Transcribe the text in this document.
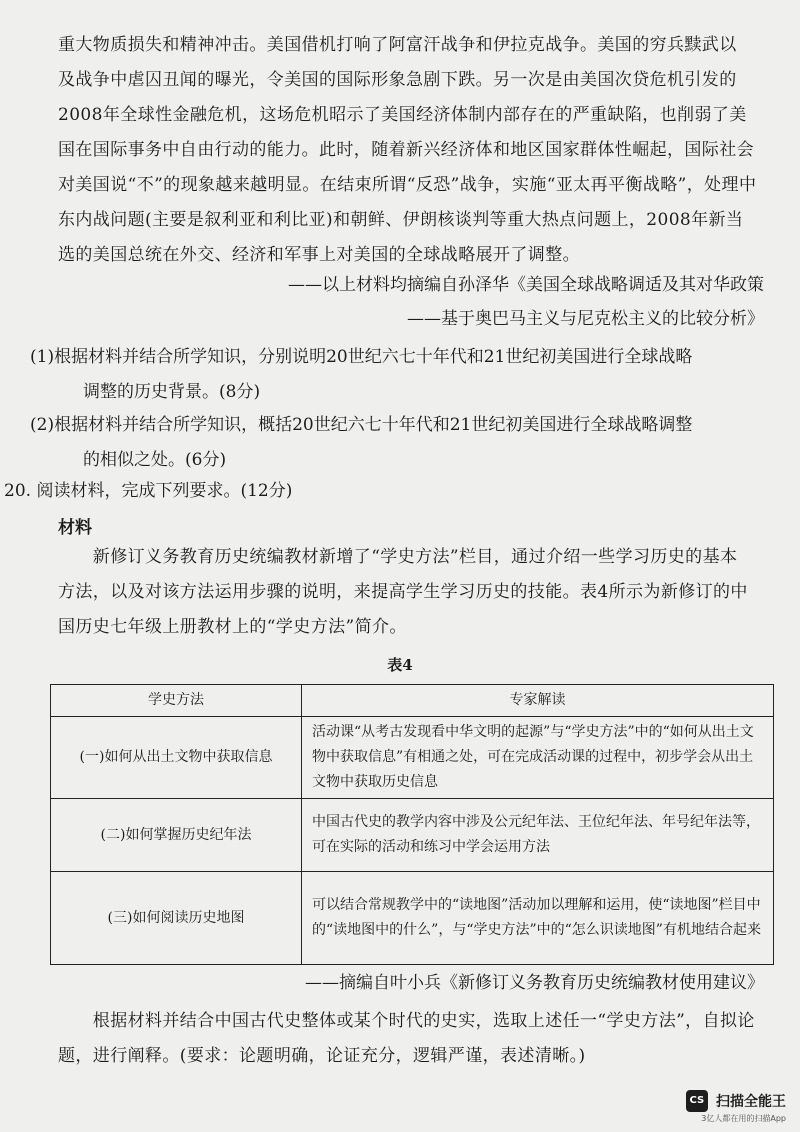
重大物质损失和精神冲击。美国借机打响了阿富汗战争和伊拉克战争。美国的穷兵黩武以
及战争中虐囚丑闻的曝光，令美国的国际形象急剧下跌。另一次是由美国次贷危机引发的
2008年全球性金融危机，这场危机昭示了美国经济体制内部存在的严重缺陷，也削弱了美
国在国际事务中自由行动的能力。此时，随着新兴经济体和地区国家群体性崛起，国际社会
对美国说“不”的现象越来越明显。在结束所谓“反恐”战争，实施“亚太再平衡战略”，处理中
东内战问题(主要是叙利亚和利比亚)和朝鲜、伊朗核谈判等重大热点问题上，2008年新当
选的美国总统在外交、经济和军事上对美国的全球战略展开了调整。

——以上材料均摘编自孙泽华《美国全球战略调适及其对华政策

——基于奥巴马主义与尼克松主义的比较分析》

(1)根据材料并结合所学知识，分别说明20世纪六七十年代和21世纪初美国进行全球战略
调整的历史背景。(8分)
(2)根据材料并结合所学知识，概括20世纪六七十年代和21世纪初美国进行全球战略调整
的相似之处。(6分)

20. 阅读材料，完成下列要求。(12分)

材料

　　新修订义务教育历史统编教材新增了“学史方法”栏目，通过介绍一些学习历史的基本
方法，以及对该方法运用步骤的说明，来提高学生学习历史的技能。表4所示为新修订的中
国历史七年级上册教材上的“学史方法”简介。

表4

学史方法	专家解读
(一)如何从出土文物中获取信息	活动课“从考古发现看中华文明的起源”与“学史方法”中的“如何从出土文物中获取信息”有相通之处，可在完成活动课的过程中，初步学会从出土文物中获取历史信息
(二)如何掌握历史纪年法	中国古代史的教学内容中涉及公元纪年法、王位纪年法、年号纪年法等，可在实际的活动和练习中学会运用方法
(三)如何阅读历史地图	可以结合常规教学中的“读地图”活动加以理解和运用，使“读地图”栏目中的“读地图中的什么”，与“学史方法”中的“怎么识读地图”有机地结合起来

——摘编自叶小兵《新修订义务教育历史统编教材使用建议》

　　根据材料并结合中国古代史整体或某个时代的史实，选取上述任一“学史方法”，自拟论
题，进行阐释。(要求：论题明确，论证充分，逻辑严谨，表述清晰。)
CS 扫描全能王
3亿人都在用的扫描App
